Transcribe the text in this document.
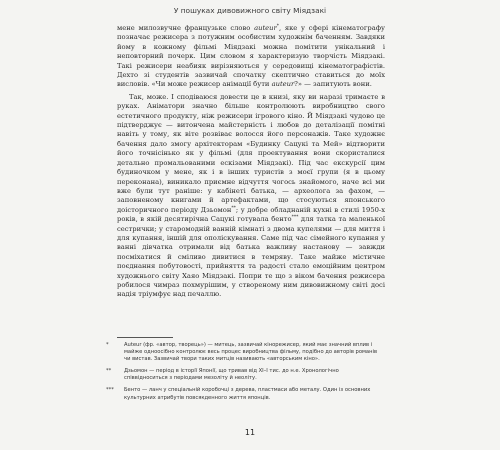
У пошуках дивовижного світу Міядзакі

мене милозвучне французьке слово auteur*, яке у сфері кінематографу позначає режисера з потужним особистим художнім баченням. Завдяки йому в кожному фільмі Міядзакі можна помітити унікальний і неповторний почерк. Цим словом я характеризую творчість Міядзакі. Такі режисери неабияк вирізняються у середовищі кінематографістів. Дехто зі студентів зазвичай спочатку скептично ставиться до моїх висловів. «Чи може режисер анімації бути auteur?» — запитують вони.

Так, може. І сподіваюся довести це в книзі, яку ви наразі тримаєте в руках. Аніматори значно більше контролюють виробництво свого естетичного продукту, ніж режисери ігрового кіно. Й Міядзакі чудово це підтверджує — витончена майстерність і любов до деталізації помітні навіть у тому, як віте розвіває волосся його персонажів. Таке художнє бачення дало змогу архітекторам «Будинку Сацукі та Мей» відтворити його точнісінько як у фільмі (для проектування вони скористалися детально промальованими ескізами Міядзакі). Під час екскурсії цим будиночком у мене, як і в інших туристів з моєї групи (я в цьому переконана), виникало приємне відчуття чогось знайомого, наче всі ми вже були тут раніше: у кабінеті батька, — археолога за фахом, — заповненому книгами й артефактами, що стосуються японського доісторичного періоду Дзьомон**; у добре обладнаній кухні в стилі 1950-х років, в якій десятирічна Сацукі готувала бенто*** для татка та маленької сестрички; у старомодній ванній кімнаті з двома купелями — для миття і для купання, іншій для ополіскування. Саме під час сімейного купання у ванні дівчатка отримали від батька важливу настанову — завжди посміхатися й сміливо дивитися в темряву. Таке майже містичне поєднання побутовості, прийняття та радості стало емоційним центром художнього світу Хаяо Міядзакі. Попри те що з віком бачення режисера робилося чимраз похмурішим, у створеному ним дивовижному світі досі надія тріумфує над печаллю.

*	Auteur (фр. «автор, творець») — митець, зазвичай кінорежисер, який має значний вплив і майже одноосібно контролює весь процес виробництва фільму, подібно до авторів романів чи вистав. Зазвичай твори таких митців називають «авторським кіно».
**	Дзьомон — період в історії Японії, що тривав від XI–I тис. до н.е. Хронологічно співвідноситься з періодами мезоліту й неоліту.
***	Бенто — ланч у спеціальній коробочці з дерева, пластмаси або металу. Один із основних культурних атрибутів повсякденного життя японців.
11
